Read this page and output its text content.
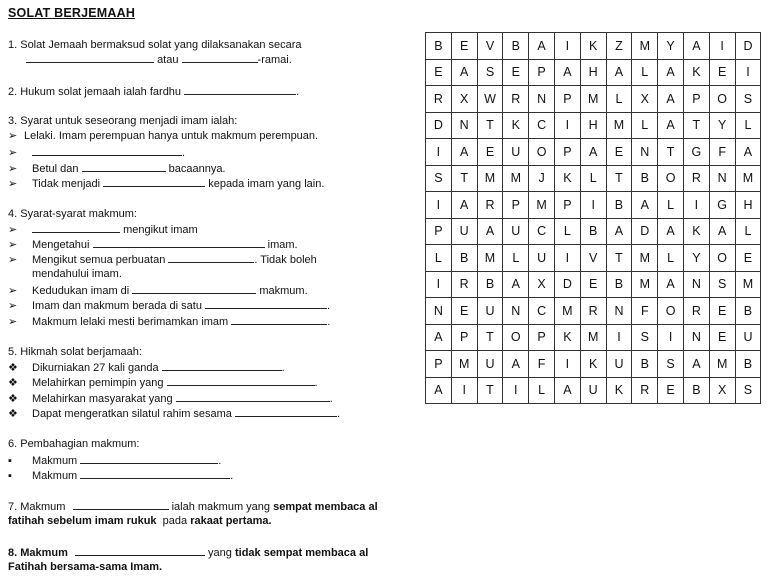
SOLAT BERJEMAAH
1. Solat Jemaah bermaksud solat yang dilaksanakan secara
atau	-ramai.
2. Hukum solat jemaah ialah fardhu	.
3. Syarat untuk seseorang menjadi imam ialah:
➢ Lelaki. Imam perempuan hanya untuk makmum perempuan.
➢	.
➢ Betul dan	bacaannya.
➢ Tidak menjadi	kepada imam yang lain.
4. Syarat-syarat makmum:
➢	mengikut imam
➢ Mengetahui	imam.
➢ Mengikut semua perbuatan	. Tidak boleh
mendahului imam.
➢ Kedudukan imam di	makmum.
➢ Imam dan makmum berada di satu	.
➢ Makmum lelaki mesti berimamkan imam	.
5. Hikmah solat berjamaah:
❖ Dikurniakan 27 kali ganda	.
❖ Melahirkan pemimpin yang	.
❖ Melahirkan masyarakat yang	.
❖ Dapat mengeratkan silatul rahim sesama	.
6. Pembahagian makmum:
▪ Makmum	.
▪ Makmum	.
7. Makmum	ialah makmum yang sempat membaca al
fatihah sebelum imam rukuk pada rakaat pertama.
8. Makmum	yang tidak sempat membaca al
Fatihah bersama-sama Imam.
B	E	V	B	A	I	K	Z	M	Y	A	I	D
E	A	S	E	P	A	H	A	L	A	K	E	I
R	X	W	R	N	P	M	L	X	A	P	O	S
D	N	T	K	C	I	H	M	L	A	T	Y	L
I	A	E	U	O	P	A	E	N	T	G	F	A
S	T	M	M	J	K	L	T	B	O	R	N	M
I	A	R	P	M	P	I	B	A	L	I	G	H
P	U	A	U	C	L	B	A	D	A	K	A	L
L	B	M	L	U	I	V	T	M	L	Y	O	E
I	R	B	A	X	D	E	B	M	A	N	S	M
N	E	U	N	C	M	R	N	F	O	R	E	B
A	P	T	O	P	K	M	I	S	I	N	E	U
P	M	U	A	F	I	K	U	B	S	A	M	B
A	I	T	I	L	A	U	K	R	E	B	X	S
